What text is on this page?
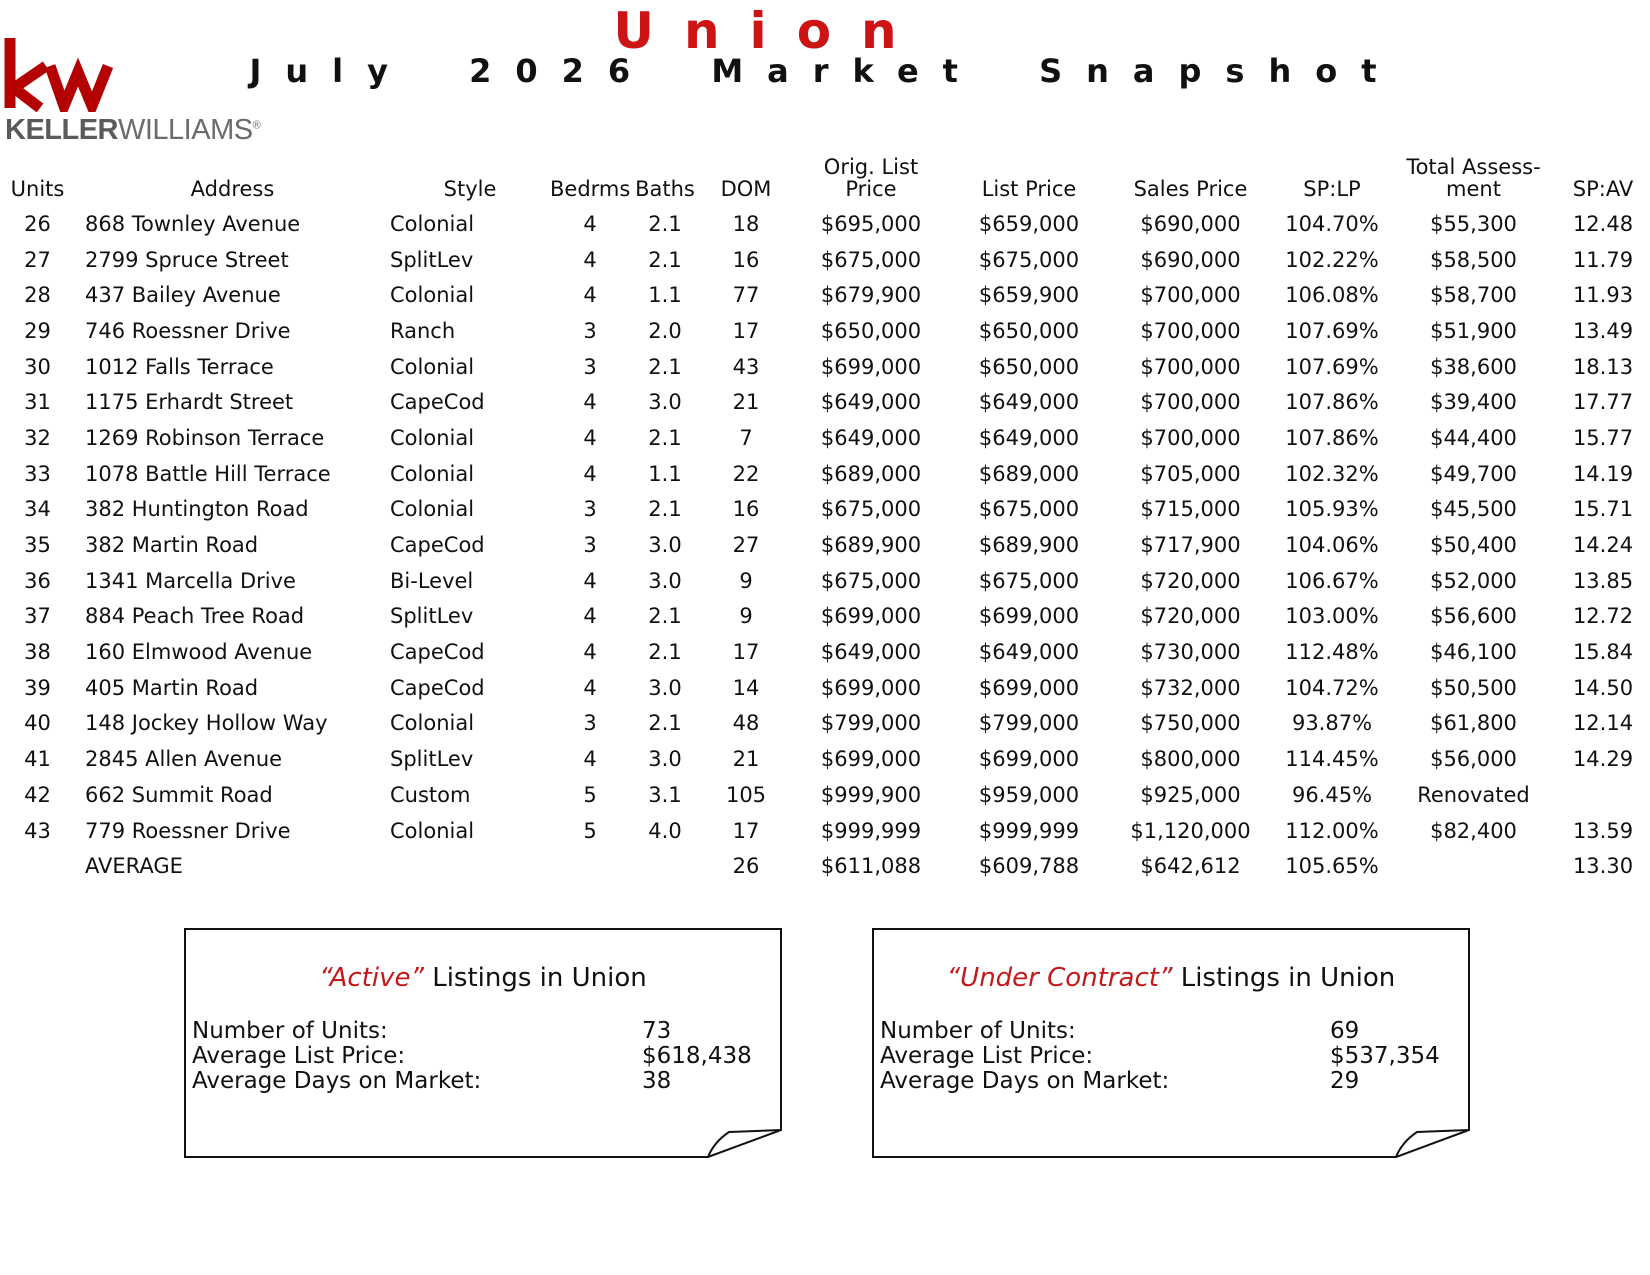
KELLERWILLIAMS®
Union
July 2026 Market Snapshot
Units	Address	Style	Bedrms	Baths	DOM	Orig. List
Price	List Price	Sales Price	SP:LP	Total Assess-
ment	SP:AV
26	868 Townley Avenue	Colonial	4	2.1	18	$695,000	$659,000	$690,000	104.70%	$55,300	12.48
27	2799 Spruce Street	SplitLev	4	2.1	16	$675,000	$675,000	$690,000	102.22%	$58,500	11.79
28	437 Bailey Avenue	Colonial	4	1.1	77	$679,900	$659,900	$700,000	106.08%	$58,700	11.93
29	746 Roessner Drive	Ranch	3	2.0	17	$650,000	$650,000	$700,000	107.69%	$51,900	13.49
30	1012 Falls Terrace	Colonial	3	2.1	43	$699,000	$650,000	$700,000	107.69%	$38,600	18.13
31	1175 Erhardt Street	CapeCod	4	3.0	21	$649,000	$649,000	$700,000	107.86%	$39,400	17.77
32	1269 Robinson Terrace	Colonial	4	2.1	7	$649,000	$649,000	$700,000	107.86%	$44,400	15.77
33	1078 Battle Hill Terrace	Colonial	4	1.1	22	$689,000	$689,000	$705,000	102.32%	$49,700	14.19
34	382 Huntington Road	Colonial	3	2.1	16	$675,000	$675,000	$715,000	105.93%	$45,500	15.71
35	382 Martin Road	CapeCod	3	3.0	27	$689,900	$689,900	$717,900	104.06%	$50,400	14.24
36	1341 Marcella Drive	Bi-Level	4	3.0	9	$675,000	$675,000	$720,000	106.67%	$52,000	13.85
37	884 Peach Tree Road	SplitLev	4	2.1	9	$699,000	$699,000	$720,000	103.00%	$56,600	12.72
38	160 Elmwood Avenue	CapeCod	4	2.1	17	$649,000	$649,000	$730,000	112.48%	$46,100	15.84
39	405 Martin Road	CapeCod	4	3.0	14	$699,000	$699,000	$732,000	104.72%	$50,500	14.50
40	148 Jockey Hollow Way	Colonial	3	2.1	48	$799,000	$799,000	$750,000	93.87%	$61,800	12.14
41	2845 Allen Avenue	SplitLev	4	3.0	21	$699,000	$699,000	$800,000	114.45%	$56,000	14.29
42	662 Summit Road	Custom	5	3.1	105	$999,900	$959,000	$925,000	96.45%	Renovated	
43	779 Roessner Drive	Colonial	5	4.0	17	$999,999	$999,999	$1,120,000	112.00%	$82,400	13.59
	AVERAGE				26	$611,088	$609,788	$642,612	105.65%		13.30
“Active” Listings in Union
Number of Units:	73
Average List Price:	$618,438
Average Days on Market:	38
“Under Contract” Listings in Union
Number of Units:	69
Average List Price:	$537,354
Average Days on Market:	29
